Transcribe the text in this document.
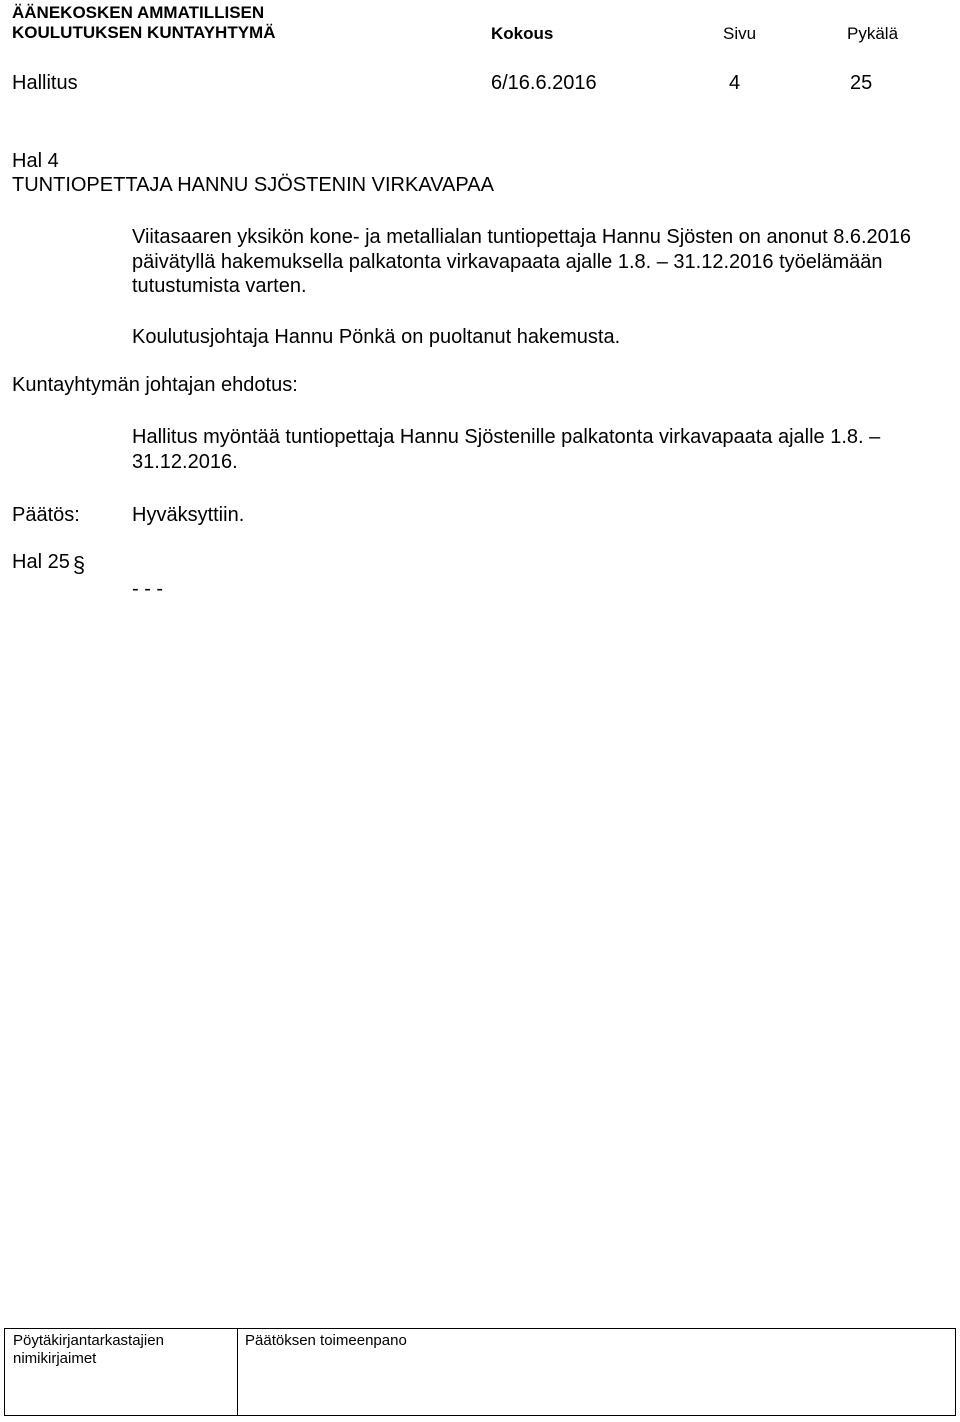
ÄÄNEKOSKEN AMMATILLISEN
KOULUTUKSEN KUNTAYHTYMÄ	Kokous	Sivu	Pykälä
Hallitus	6/16.6.2016	4	25
Hal 4
TUNTIOPETTAJA HANNU SJÖSTENIN VIRKAVAPAA
Viitasaaren yksikön kone- ja metallialan tuntiopettaja Hannu Sjösten on anonut 8.6.2016 päivätyllä hakemuksella palkatonta virkavapaata ajalle 1.8. – 31.12.2016 työelämään tutustumista varten.
Koulutusjohtaja Hannu Pönkä on puoltanut hakemusta.
Kuntayhtymän johtajan ehdotus:
Hallitus myöntää tuntiopettaja Hannu Sjöstenille palkatonta virkavapaata ajalle 1.8. – 31.12.2016.
Päätös:	Hyväksyttiin.
Hal 25 §
- - -
Pöytäkirjantarkastajien nimikirjaimet
Päätöksen toimeenpano
